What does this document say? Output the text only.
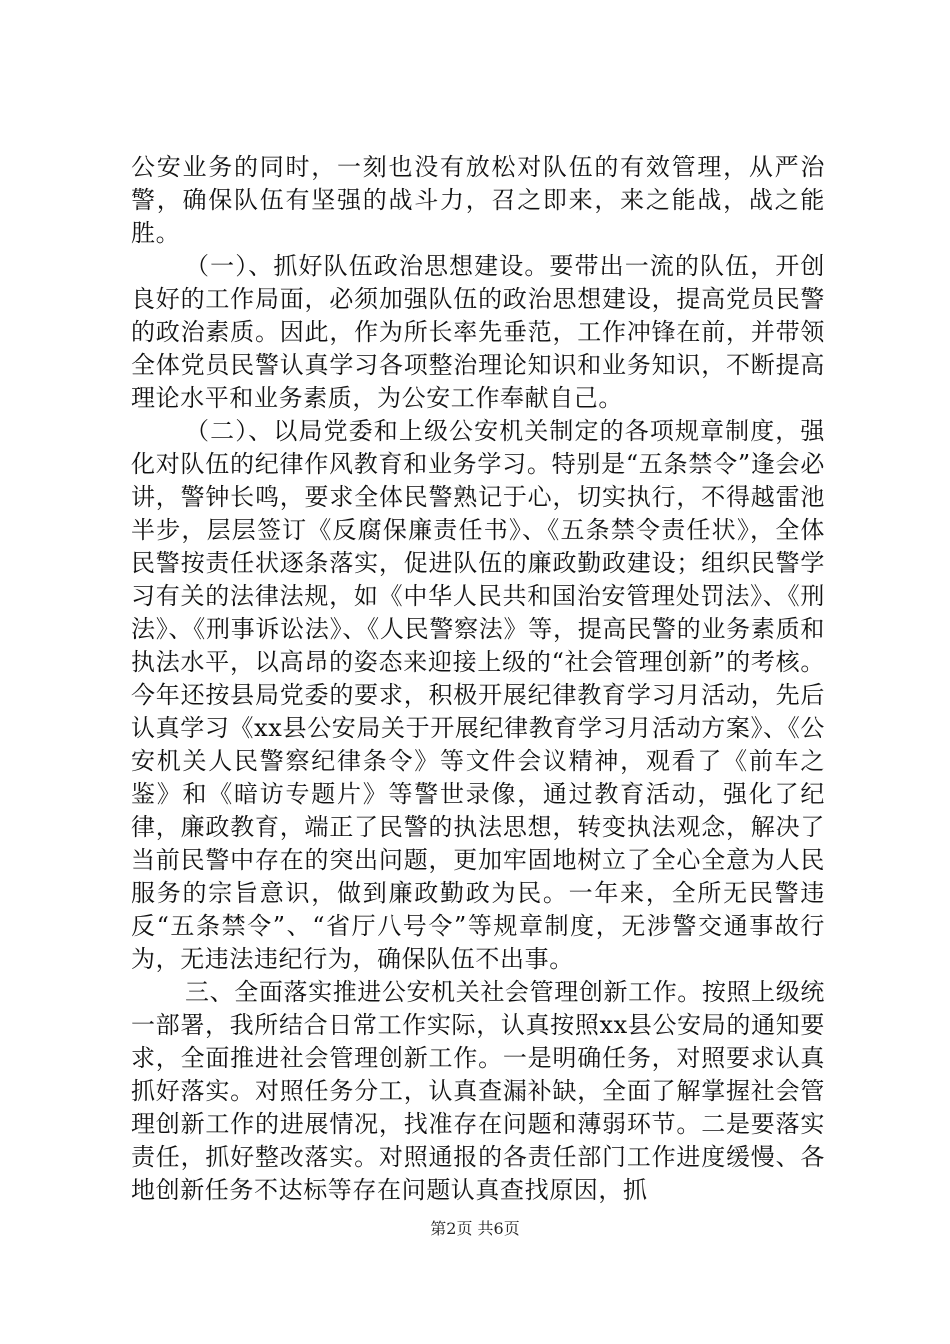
公安业务的同时，一刻也没有放松对队伍的有效管理，从严治警，确保队伍有坚强的战斗力，召之即来，来之能战，战之能胜。

（一）、抓好队伍政治思想建设。要带出一流的队伍，开创良好的工作局面，必须加强队伍的政治思想建设，提高党员民警的政治素质。因此，作为所长率先垂范，工作冲锋在前，并带领全体党员民警认真学习各项整治理论知识和业务知识，不断提高理论水平和业务素质，为公安工作奉献自己。

（二）、以局党委和上级公安机关制定的各项规章制度，强化对队伍的纪律作风教育和业务学习。特别是“五条禁令”逢会必讲，警钟长鸣，要求全体民警熟记于心，切实执行，不得越雷池半步，层层签订《反腐保廉责任书》、《五条禁令责任状》，全体民警按责任状逐条落实，促进队伍的廉政勤政建设；组织民警学习有关的法律法规，如《中华人民共和国治安管理处罚法》、《刑法》、《刑事诉讼法》、《人民警察法》等，提高民警的业务素质和执法水平，以高昂的姿态来迎接上级的“社会管理创新”的考核。今年还按县局党委的要求，积极开展纪律教育学习月活动，先后认真学习《xx县公安局关于开展纪律教育学习月活动方案》、《公安机关人民警察纪律条令》等文件会议精神，观看了《前车之鉴》和《暗访专题片》等警世录像，通过教育活动，强化了纪律，廉政教育，端正了民警的执法思想，转变执法观念，解决了当前民警中存在的突出问题，更加牢固地树立了全心全意为人民服务的宗旨意识，做到廉政勤政为民。一年来，全所无民警违反“五条禁令”、“省厅八号令”等规章制度，无涉警交通事故行为，无违法违纪行为，确保队伍不出事。

三、全面落实推进公安机关社会管理创新工作。按照上级统一部署，我所结合日常工作实际，认真按照xx县公安局的通知要求，全面推进社会管理创新工作。一是明确任务，对照要求认真抓好落实。对照任务分工，认真查漏补缺，全面了解掌握社会管理创新工作的进展情况，找准存在问题和薄弱环节。二是要落实责任，抓好整改落实。对照通报的各责任部门工作进度缓慢、各地创新任务不达标等存在问题认真查找原因，抓

第2页 共6页
